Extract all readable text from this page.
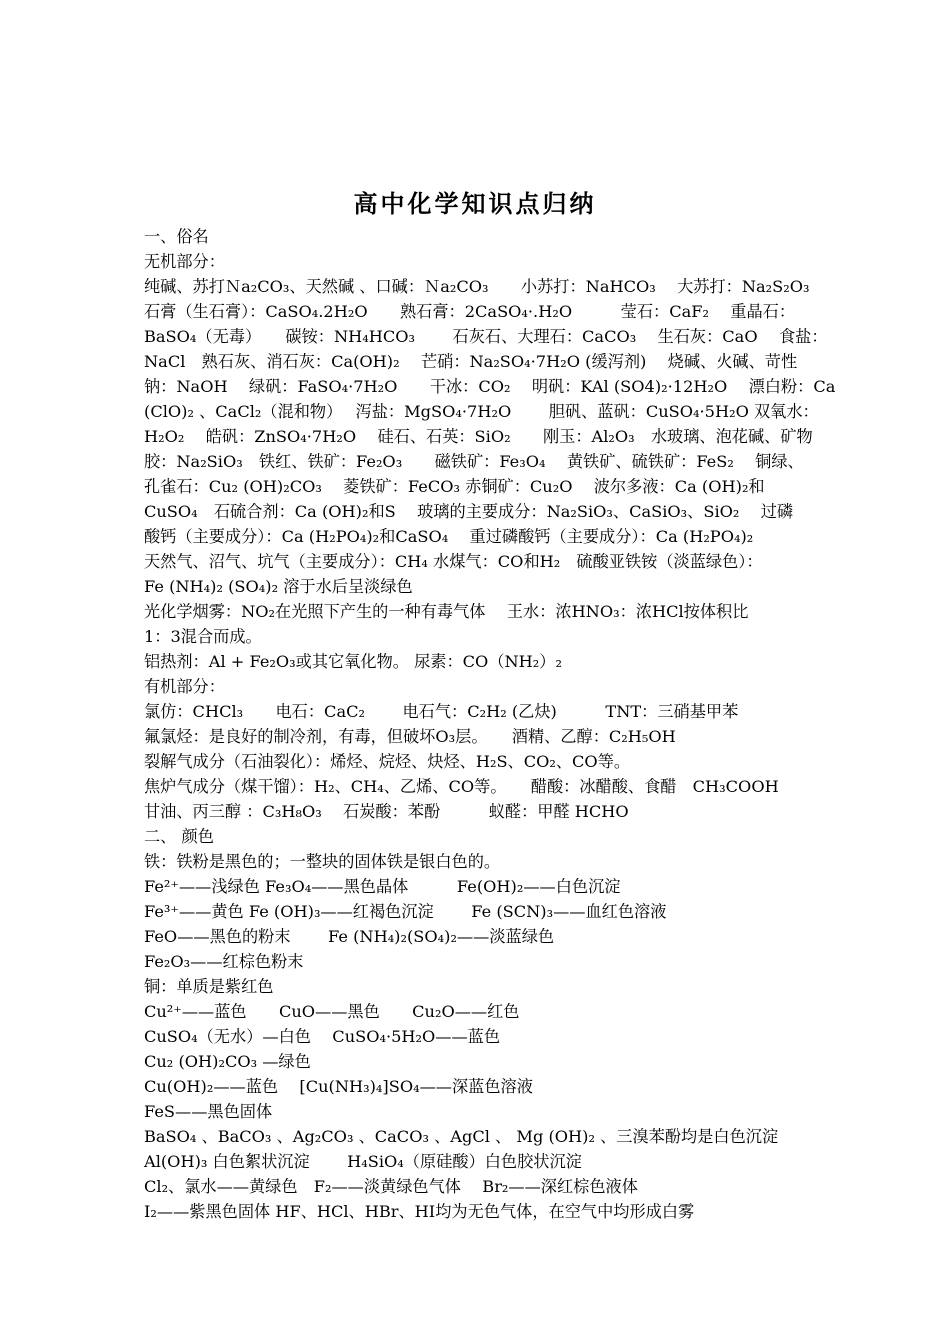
高中化学知识点归纳
一、俗名
无机部分：
纯碱、苏打Ｎa₂CO₃、天然碱 、口碱：Ｎa₂CO₃　　小苏打：NaHCO₃　 大苏打：Na₂S₂O₃
石膏（生石膏）：CaSO₄.2H₂O　　熟石膏：2CaSO₄·.H₂O　　　莹石：CaF₂　 重晶石：
BaSO₄（无毒）　　碳铵：NH₄HCO₃　　 石灰石、大理石：CaCO₃　 生石灰：CaO　 食盐：
NaCl　熟石灰、消石灰：Ca(OH)₂　 芒硝：Na₂SO₄·7H₂O (缓泻剂)　 烧碱、火碱、苛性
钠：NaOH　 绿矾：FaSO₄·7H₂O　　干冰：CO₂　 明矾：KAl (SO4)₂·12H₂O　 漂白粉：Ca
(ClO)₂ 、CaCl₂（混和物）　 泻盐：MgSO₄·7H₂O　　 胆矾、蓝矾：CuSO₄·5H₂O 双氧水：
H₂O₂　 皓矾：ZnSO₄·7H₂O　 硅石、石英：SiO₂　　刚玉：Al₂O₃　水玻璃、泡花碱、矿物
胶：Na₂SiO₃　铁红、铁矿：Fe₂O₃　　磁铁矿：Fe₃O₄　 黄铁矿、硫铁矿：FeS₂　 铜绿、
孔雀石：Cu₂ (OH)₂CO₃　 菱铁矿：FeCO₃ 赤铜矿：Cu₂O　 波尔多液：Ca (OH)₂和
CuSO₄　石硫合剂：Ca (OH)₂和S　 玻璃的主要成分：Na₂SiO₃、CaSiO₃、SiO₂　 过磷
酸钙（主要成分）：Ca (H₂PO₄)₂和CaSO₄　 重过磷酸钙（主要成分）：Ca (H₂PO₄)₂
天然气、沼气、坑气（主要成分）：CH₄ 水煤气：CO和H₂　硫酸亚铁铵（淡蓝绿色）：
Fe (NH₄)₂ (SO₄)₂ 溶于水后呈淡绿色
光化学烟雾：NO₂在光照下产生的一种有毒气体　 王水：浓HNO₃：浓HCl按体积比
1：3混合而成。
铝热剂：Al + Fe₂O₃或其它氧化物。 尿素：CO（NH₂）₂
有机部分：
氯仿：CHCl₃　　电石：CaC₂　　 电石气：C₂H₂ (乙炔)　　　TNT：三硝基甲苯
氟氯烃：是良好的制冷剂，有毒，但破坏O₃层。　　酒精、乙醇：C₂H₅OH
裂解气成分（石油裂化）：烯烃、烷烃、炔烃、H₂S、CO₂、CO等。
焦炉气成分（煤干馏）：H₂、CH₄、乙烯、CO等。　　醋酸：冰醋酸、食醋　CH₃COOH
甘油、丙三醇 ：C₃H₈O₃　 石炭酸：苯酚　　　蚁醛：甲醛 HCHO
二、 颜色
铁：铁粉是黑色的；一整块的固体铁是银白色的。
Fe²⁺——浅绿色 Fe₃O₄——黑色晶体　　　Fe(OH)₂——白色沉淀
Fe³⁺——黄色 Fe (OH)₃——红褐色沉淀　　 Fe (SCN)₃——血红色溶液
FeO——黑色的粉末　　 Fe (NH₄)₂(SO₄)₂——淡蓝绿色
Fe₂O₃——红棕色粉末
铜：单质是紫红色
Cu²⁺——蓝色　　CuO——黑色　　Cu₂O——红色
CuSO₄（无水）—白色　 CuSO₄·5H₂O——蓝色
Cu₂ (OH)₂CO₃ —绿色
Cu(OH)₂——蓝色　 [Cu(NH₃)₄]SO₄——深蓝色溶液
FeS——黑色固体
BaSO₄ 、BaCO₃ 、Ag₂CO₃ 、CaCO₃ 、AgCl 、 Mg (OH)₂ 、三溴苯酚均是白色沉淀
Al(OH)₃ 白色絮状沉淀　　 H₄SiO₄（原硅酸）白色胶状沉淀
Cl₂、氯水——黄绿色　F₂——淡黄绿色气体　 Br₂——深红棕色液体
I₂——紫黑色固体 HF、HCl、HBr、HI均为无色气体，在空气中均形成白雾
